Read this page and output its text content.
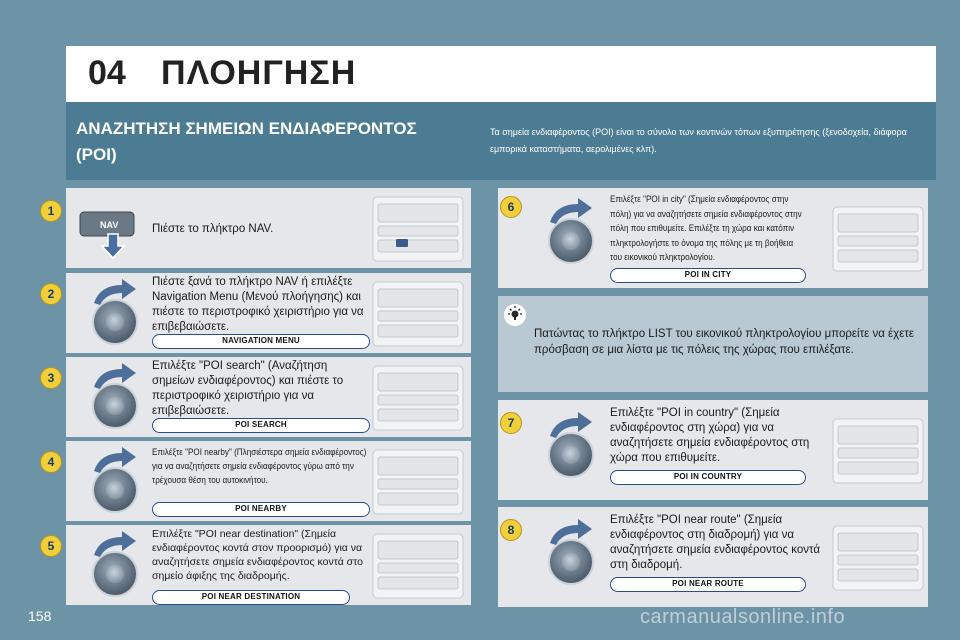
04 ΠΛΟΗΓΗΣΗ
ΑΝΑΖΗΤΗΣΗ ΣΗΜΕΙΩΝ ΕΝΔΙΑΦΕΡΟΝΤΟΣ
(POI)
Τα σημεία ενδιαφέροντος (POI) είναι το σύνολο των κοντινών τόπων εξυπηρέτησης (ξενοδοχεία, διάφορα εμπορικά καταστήματα, αερολιμένες κλπ).
1
NAV	Πιέστε το πλήκτρο NAV.
2
Πιέστε ξανά το πλήκτρο NAV ή επιλέξτε Navigation Menu (Μενού πλοήγησης) και πιέστε το περιστροφικό χειριστήριο για να επιβεβαιώσετε.
NAVIGATION MENU
3
Επιλέξτε "POI search" (Αναζήτηση σημείων ενδιαφέροντος) και πιέστε το περιστροφικό χειριστήριο για να επιβεβαιώσετε.
POI SEARCH
4
Επιλέξτε "POI nearby" (Πλησιέστερα σημεία ενδιαφέροντος) για να αναζητήσετε σημεία ενδιαφέροντος γύρω από την τρέχουσα θέση του αυτοκινήτου.
POI NEARBY
5
Επιλέξτε "POI near destination" (Σημεία ενδιαφέροντος κοντά στον προορισμό) για να αναζητήσετε σημεία ενδιαφέροντος κοντά στο σημείο άφιξης της διαδρομής.
POI NEAR DESTINATION
6
Επιλέξτε "POI in city" (Σημεία ενδιαφέροντος στην πόλη) για να αναζητήσετε σημεία ενδιαφέροντος στην πόλη που επιθυμείτε. Επιλέξτε τη χώρα και κατόπιν πληκτρολογήστε το όνομα της πόλης με τη βοήθεια του εικονικού πληκτρολογίου.
POI IN CITY
Πατώντας το πλήκτρο LIST του εικονικού πληκτρολογίου μπορείτε να έχετε πρόσβαση σε μια λίστα με τις πόλεις της χώρας που επιλέξατε.
7
Επιλέξτε "POI in country" (Σημεία ενδιαφέροντος στη χώρα) για να αναζητήσετε σημεία ενδιαφέροντος στη χώρα που επιθυμείτε.
POI IN COUNTRY
8
Επιλέξτε "POI near route" (Σημεία ενδιαφέροντος στη διαδρομή) για να αναζητήσετε σημεία ενδιαφέροντος κοντά στη διαδρομή.
POI NEAR ROUTE
158	carmanualsonline.info
